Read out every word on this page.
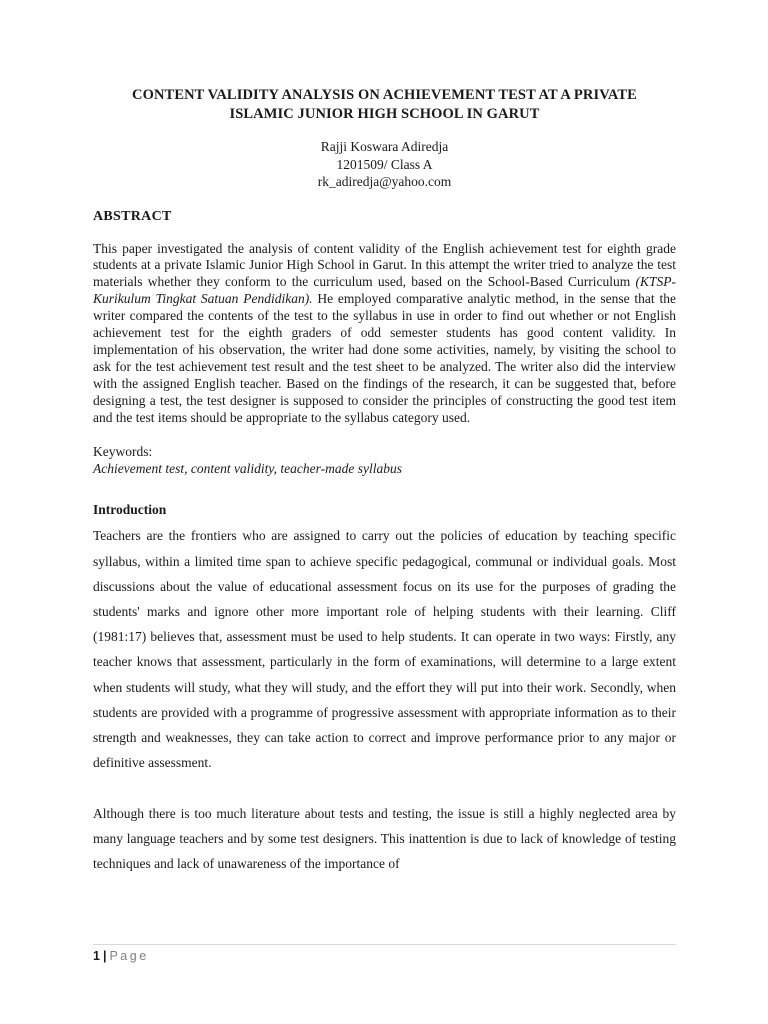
CONTENT VALIDITY ANALYSIS ON ACHIEVEMENT TEST AT A PRIVATE
ISLAMIC JUNIOR HIGH SCHOOL IN GARUT
Rajji Koswara Adiredja
1201509/ Class A
rk_adiredja@yahoo.com
ABSTRACT

This paper investigated the analysis of content validity of the English achievement test for eighth grade students at a private Islamic Junior High School in Garut. In this attempt the writer tried to analyze the test materials whether they conform to the curriculum used, based on the School-Based Curriculum (KTSP-Kurikulum Tingkat Satuan Pendidikan). He employed comparative analytic method, in the sense that the writer compared the contents of the test to the syllabus in use in order to find out whether or not English achievement test for the eighth graders of odd semester students has good content validity. In implementation of his observation, the writer had done some activities, namely, by visiting the school to ask for the test achievement test result and the test sheet to be analyzed. The writer also did the interview with the assigned English teacher. Based on the findings of the research, it can be suggested that, before designing a test, the test designer is supposed to consider the principles of constructing the good test item and the test items should be appropriate to the syllabus category used.

Keywords:
Achievement test, content validity, teacher-made syllabus
Introduction

Teachers are the frontiers who are assigned to carry out the policies of education by teaching specific syllabus, within a limited time span to achieve specific pedagogical, communal or individual goals. Most discussions about the value of educational assessment focus on its use for the purposes of grading the students' marks and ignore other more important role of helping students with their learning. Cliff (1981:17) believes that, assessment must be used to help students. It can operate in two ways: Firstly, any teacher knows that assessment, particularly in the form of examinations, will determine to a large extent when students will study, what they will study, and the effort they will put into their work. Secondly, when students are provided with a programme of progressive assessment with appropriate information as to their strength and weaknesses, they can take action to correct and improve performance prior to any major or definitive assessment.

Although there is too much literature about tests and testing, the issue is still a highly neglected area by many language teachers and by some test designers. This inattention is due to lack of knowledge of testing techniques and lack of unawareness of the importance of

1 | Page
